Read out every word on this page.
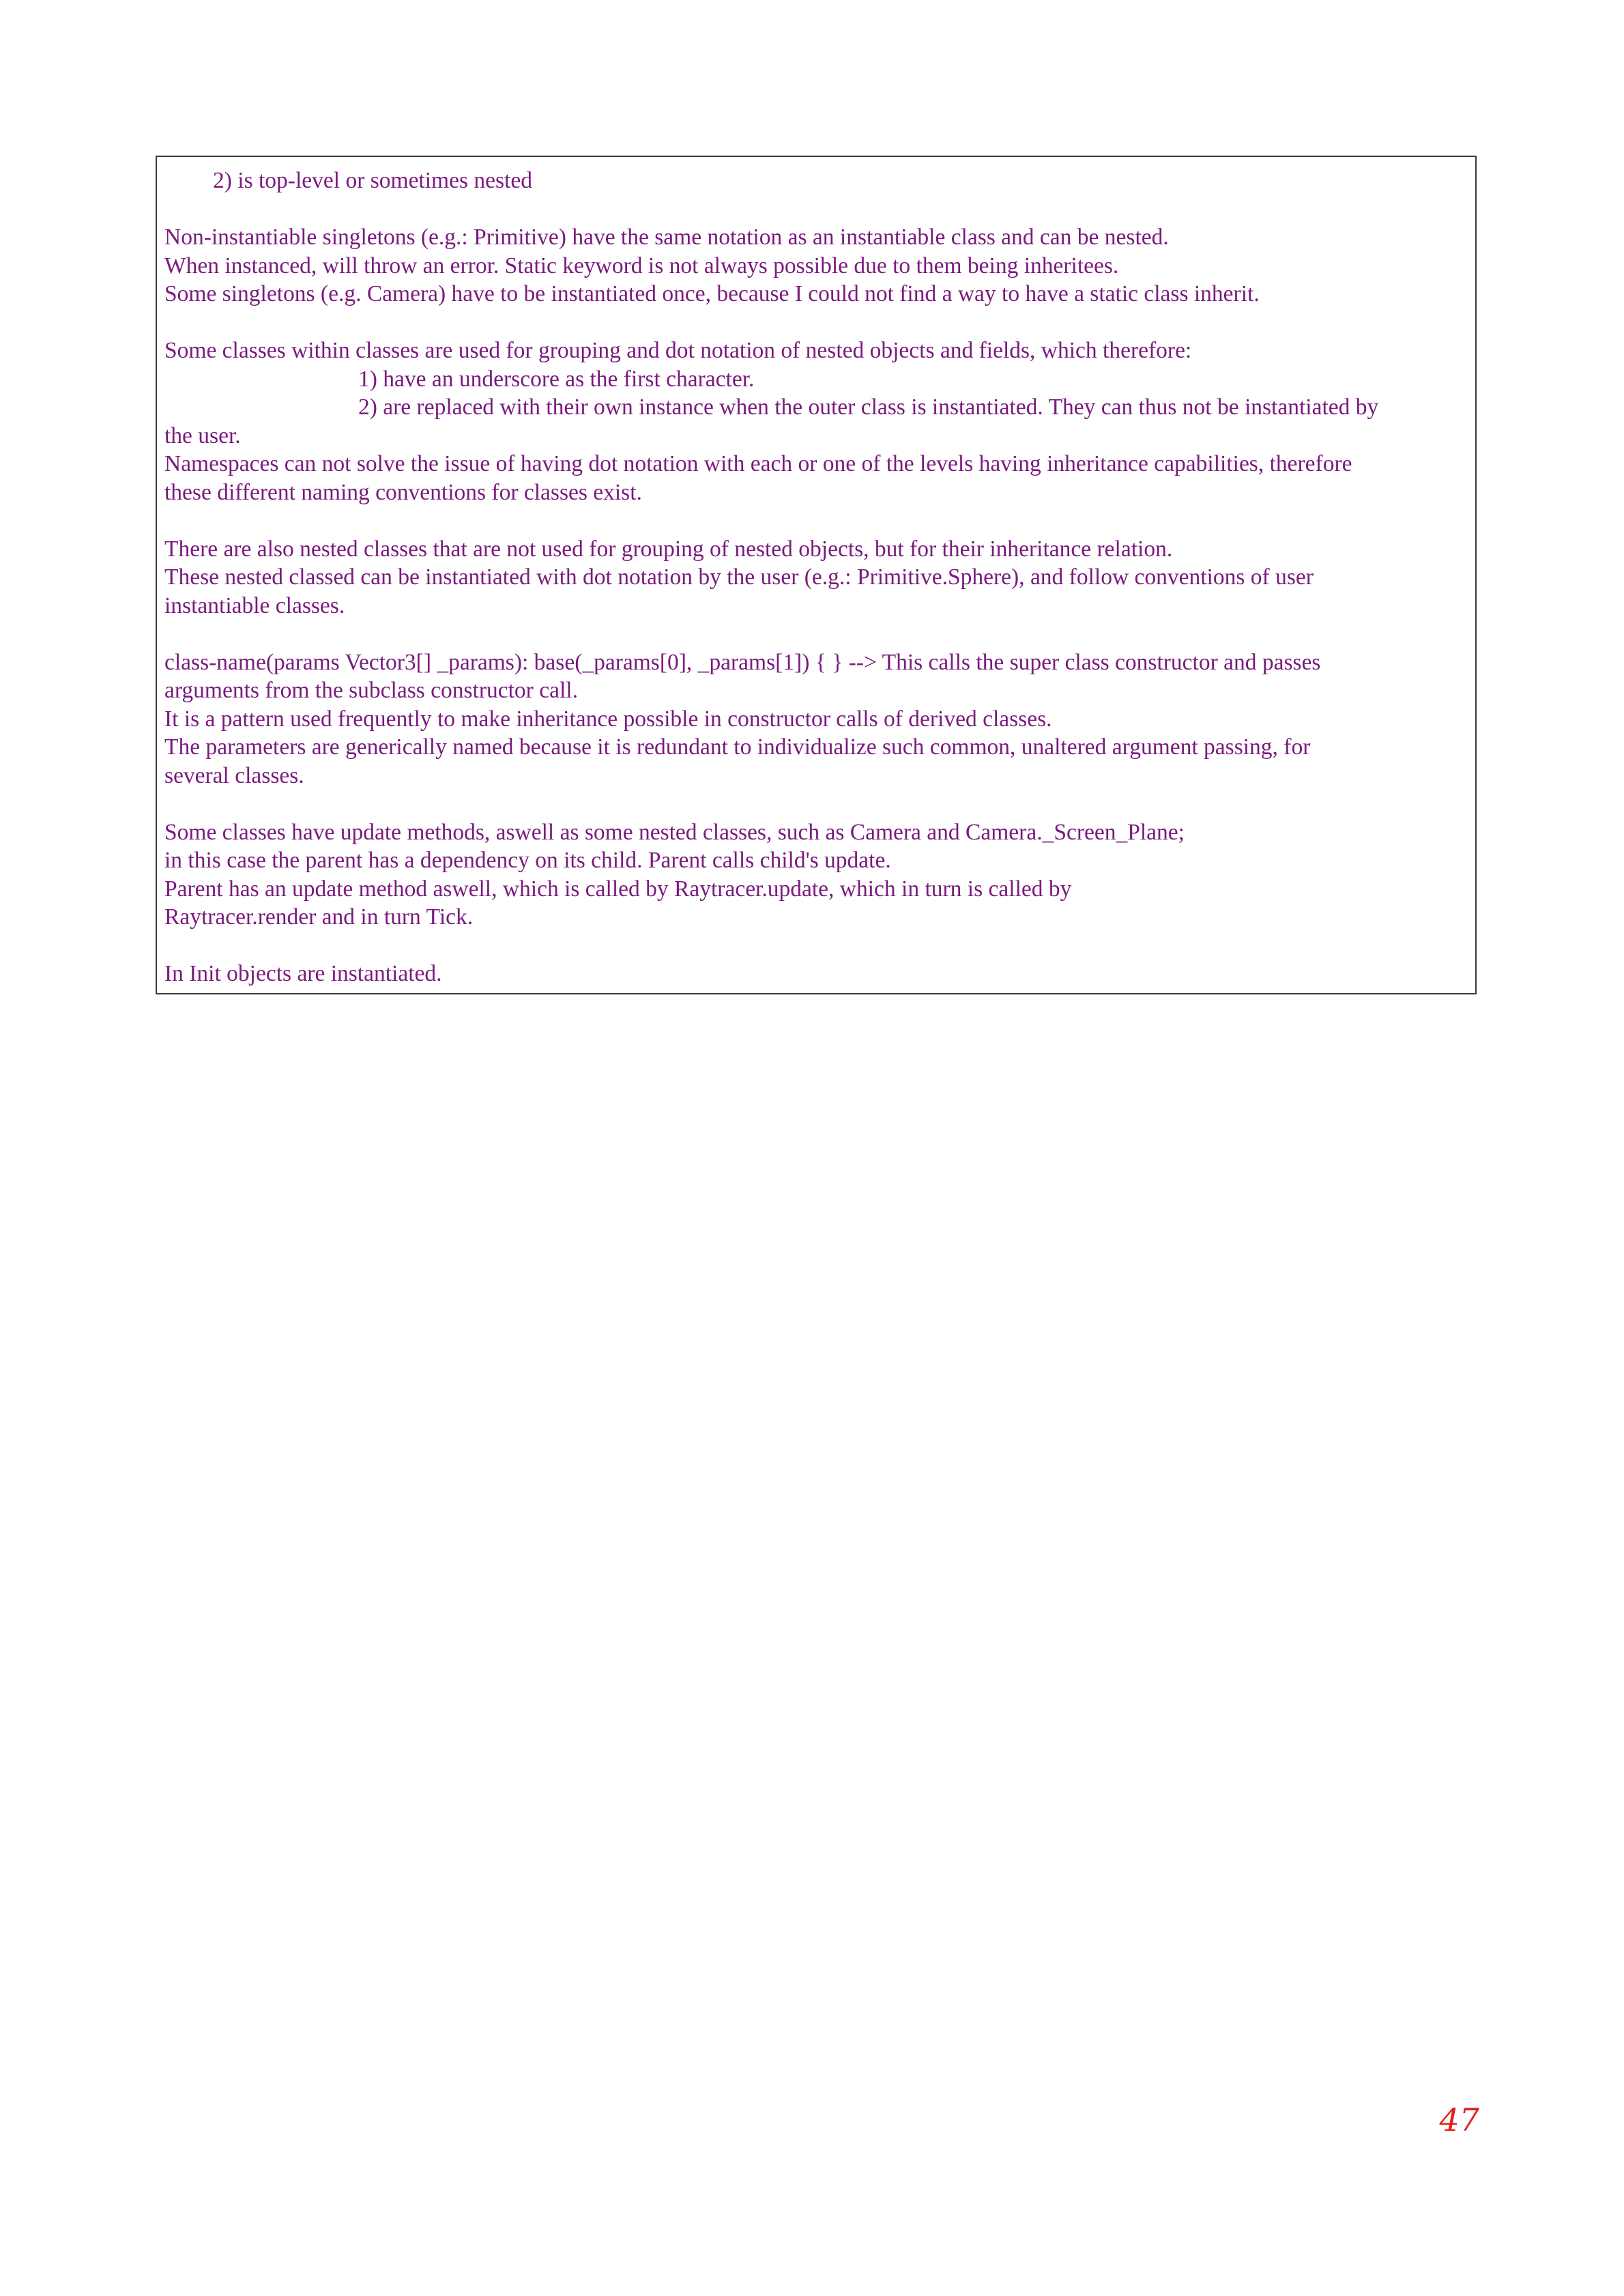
2) is top-level or sometimes nested
Non-instantiable singletons (e.g.: Primitive) have the same notation as an instantiable class and can be nested.
When instanced, will throw an error. Static keyword is not always possible due to them being inheritees.
Some singletons (e.g. Camera) have to be instantiated once, because I could not find a way to have a static class inherit.
Some classes within classes are used for grouping and dot notation of nested objects and fields, which therefore:
1) have an underscore as the first character.
2) are replaced with their own instance when the outer class is instantiated. They can thus not be instantiated by
the user.
Namespaces can not solve the issue of having dot notation with each or one of the levels having inheritance capabilities, therefore
these different naming conventions for classes exist.
There are also nested classes that are not used for grouping of nested objects, but for their inheritance relation.
These nested classed can be instantiated with dot notation by the user (e.g.: Primitive.Sphere), and follow conventions of user
instantiable classes.
class-name(params Vector3[] _params): base(_params[0], _params[1]) { } --> This calls the super class constructor and passes
arguments from the subclass constructor call.
It is a pattern used frequently to make inheritance possible in constructor calls of derived classes.
The parameters are generically named because it is redundant to individualize such common, unaltered argument passing, for
several classes.
Some classes have update methods, aswell as some nested classes, such as Camera and Camera._Screen_Plane;
in this case the parent has a dependency on its child. Parent calls child's update.
Parent has an update method aswell, which is called by Raytracer.update, which in turn is called by
Raytracer.render and in turn Tick.
In Init objects are instantiated.
47
